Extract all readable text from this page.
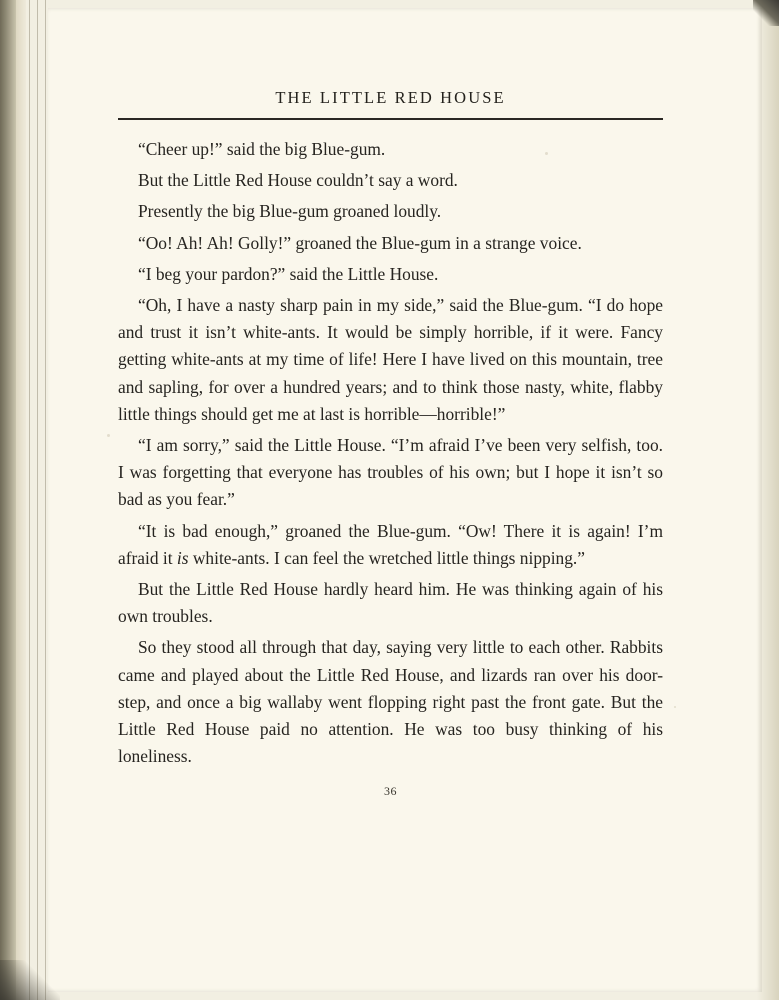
THE LITTLE RED HOUSE

“Cheer up!” said the big Blue-gum.

But the Little Red House couldn’t say a word.

Presently the big Blue-gum groaned loudly.

“Oo! Ah! Ah! Golly!” groaned the Blue-gum in a strange voice.

“I beg your pardon?” said the Little House.

“Oh, I have a nasty sharp pain in my side,” said the Blue-gum. “I do hope and trust it isn’t white-ants. It would be simply horrible, if it were. Fancy getting white-ants at my time of life! Here I have lived on this mountain, tree and sapling, for over a hundred years; and to think those nasty, white, flabby little things should get me at last is horrible—horrible!”

“I am sorry,” said the Little House. “I’m afraid I’ve been very selfish, too. I was forgetting that everyone has troubles of his own; but I hope it isn’t so bad as you fear.”

“It is bad enough,” groaned the Blue-gum. “Ow! There it is again! I’m afraid it is white-ants. I can feel the wretched little things nipping.”

But the Little Red House hardly heard him. He was thinking again of his own troubles.

So they stood all through that day, saying very little to each other. Rabbits came and played about the Little Red House, and lizards ran over his door-step, and once a big wallaby went flopping right past the front gate. But the Little Red House paid no attention. He was too busy thinking of his loneliness.

36
